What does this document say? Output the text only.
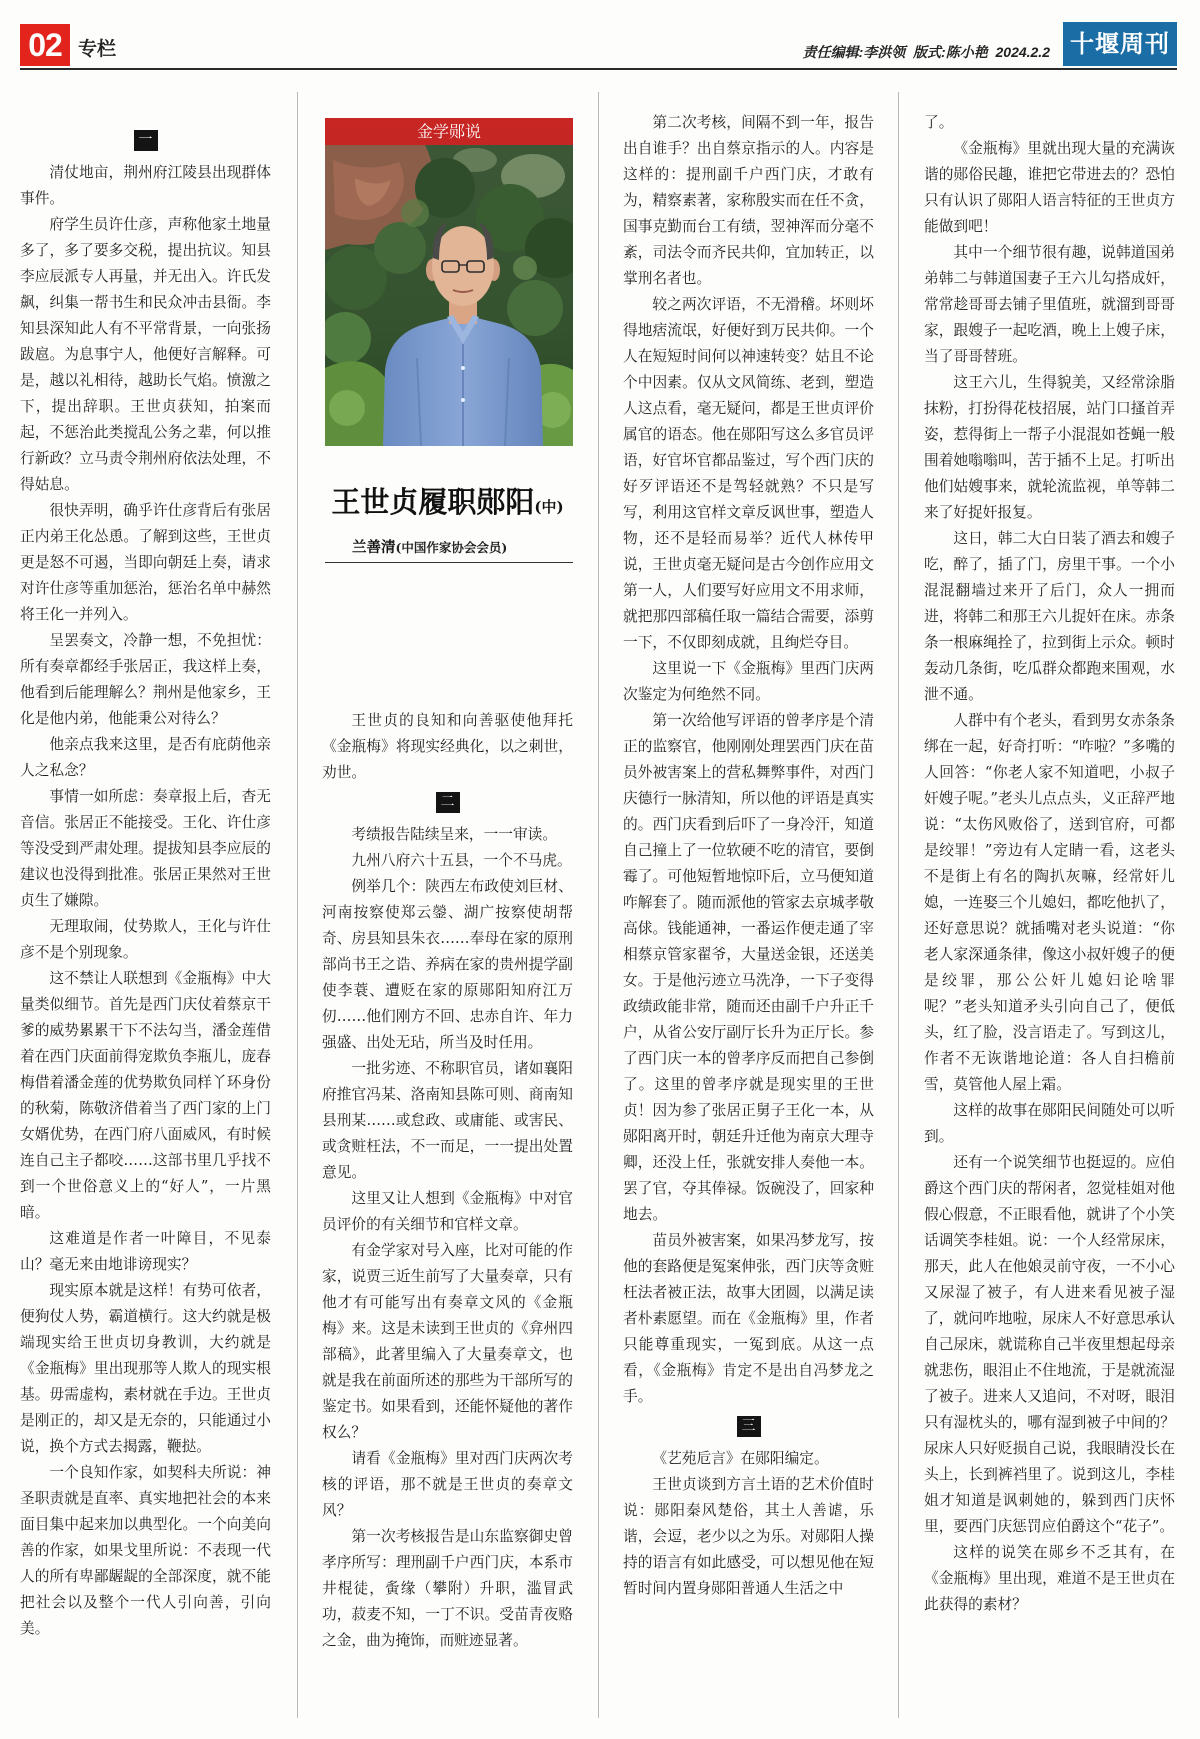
02 专栏	责任编辑:李洪领  版式:陈小艳  2024.2.2 十堰周刊
一

清仗地亩，荆州府江陵县出现群体事件。

府学生员许仕彦，声称他家土地量多了，多了要多交税，提出抗议。知县李应辰派专人再量，并无出入。许氏发飙，纠集一帮书生和民众冲击县衙。李知县深知此人有不平常背景，一向张扬跋扈。为息事宁人，他便好言解释。可是，越以礼相待，越助长气焰。愤激之下，提出辞职。王世贞获知，拍案而起，不惩治此类搅乱公务之辈，何以推行新政？立马责令荆州府依法处理，不得姑息。

很快弄明，确乎许仕彦背后有张居正内弟王化怂恿。了解到这些，王世贞更是怒不可遏，当即向朝廷上奏，请求对许仕彦等重加惩治，惩治名单中赫然将王化一并列入。

呈罢奏文，冷静一想，不免担忧：所有奏章都经手张居正，我这样上奏，他看到后能理解么？荆州是他家乡，王化是他内弟，他能秉公对待么？

他亲点我来这里，是否有庇荫他亲人之私念？

事情一如所虑：奏章报上后，杳无音信。张居正不能接受。王化、许仕彦等没受到严肃处理。提拔知县李应辰的建议也没得到批准。张居正果然对王世贞生了嫌隙。

无理取闹，仗势欺人，王化与许仕彦不是个别现象。

这不禁让人联想到《金瓶梅》中大量类似细节。首先是西门庆仗着蔡京干爹的威势累累干下不法勾当，潘金莲借着在西门庆面前得宠欺负李瓶儿，庞春梅借着潘金莲的优势欺负同样丫环身份的秋菊，陈敬济借着当了西门家的上门女婿优势，在西门府八面威风，有时候连自己主子都咬……这部书里几乎找不到一个世俗意义上的“好人”，一片黑暗。

这难道是作者一叶障目，不见泰山？毫无来由地诽谤现实？

现实原本就是这样！有势可依者，便狗仗人势，霸道横行。这大约就是极端现实给王世贞切身教训，大约就是《金瓶梅》里出现那等人欺人的现实根基。毋需虚构，素材就在手边。王世贞是刚正的，却又是无奈的，只能通过小说，换个方式去揭露，鞭挞。

一个良知作家，如契科夫所说：神圣职责就是直率、真实地把社会的本来面目集中起来加以典型化。一个向美向善的作家，如果戈里所说：不表现一代人的所有卑鄙龌龊的全部深度，就不能把社会以及整个一代人引向善，引向美。

金学郧说
王世贞履职郧阳(中)
兰善清(中国作家协会会员)

王世贞的良知和向善驱使他拜托《金瓶梅》将现实经典化，以之刺世，劝世。

二

考绩报告陆续呈来，一一审读。

九州八府六十五县，一个不马虎。

例举几个：陕西左布政使刘巨材、河南按察使郑云鎣、湖广按察使胡帮奇、房县知县朱衣……奉母在家的原刑部尚书王之诰、养病在家的贵州提学副使李蓑、遭贬在家的原郧阳知府江万仞……他们刚方不回、忠赤自许、年力强盛、出处无玷，所当及时任用。

一批劣迹、不称职官员，诸如襄阳府推官冯某、洛南知县陈可则、商南知县刑某……或怠政、或庸能、或害民、或贪赃枉法，不一而足，一一提出处置意见。

这里又让人想到《金瓶梅》中对官员评价的有关细节和官样文章。

有金学家对号入座，比对可能的作家，说贾三近生前写了大量奏章，只有他才有可能写出有奏章文风的《金瓶梅》来。这是未读到王世贞的《弇州四部稿》，此著里编入了大量奏章文，也就是我在前面所述的那些为干部所写的鉴定书。如果看到，还能怀疑他的著作权么？

请看《金瓶梅》里对西门庆两次考核的评语，那不就是王世贞的奏章文风？

第一次考核报告是山东监察御史曾孝序所写：理刑副千户西门庆，本系市井棍徒，夤缘（攀附）升职，滥冒武功，菽麦不知，一丁不识。受苗青夜赂之金，曲为掩饰，而赃迹显著。

第二次考核，间隔不到一年，报告出自谁手？出自蔡京指示的人。内容是这样的：提刑副千户西门庆，才敢有为，精察素著，家称殷实而在任不贪，国事克勤而台工有绩，翌神浑而分毫不紊，司法令而齐民共仰，宜加转正，以掌刑名者也。

较之两次评语，不无滑稽。坏则坏得地痞流氓，好便好到万民共仰。一个人在短短时间何以神速转变？姑且不论个中因素。仅从文风简练、老到，塑造人这点看，毫无疑问，都是王世贞评价属官的语态。他在郧阳写这么多官员评语，好官坏官都品鉴过，写个西门庆的好歹评语还不是驾轻就熟？不只是写写，利用这官样文章反讽世事，塑造人物，还不是轻而易举？近代人林传甲说，王世贞毫无疑问是古今创作应用文第一人，人们要写好应用文不用求师，就把那四部稿任取一篇结合需要，添剪一下，不仅即刻成就，且绚烂夺目。

这里说一下《金瓶梅》里西门庆两次鉴定为何绝然不同。

第一次给他写评语的曾孝序是个清正的监察官，他刚刚处理罢西门庆在苗员外被害案上的营私舞弊事件，对西门庆德行一脉清知，所以他的评语是真实的。西门庆看到后吓了一身冷汗，知道自己撞上了一位软硬不吃的清官，要倒霉了。可他短暂地惊吓后，立马便知道咋解套了。随而派他的管家去京城孝敬高俅。钱能通神，一番运作便走通了宰相蔡京管家翟爷，大量送金银，还送美女。于是他污迹立马洗净，一下子变得政绩政能非常，随而还由副千户升正千户，从省公安厅副厅长升为正厅长。参了西门庆一本的曾孝序反而把自己参倒了。这里的曾孝序就是现实里的王世贞！因为参了张居正舅子王化一本，从郧阳离开时，朝廷升迁他为南京大理寺卿，还没上任，张就安排人奏他一本。罢了官，夺其俸禄。饭碗没了，回家种地去。

苗员外被害案，如果冯梦龙写，按他的套路便是冤案伸张，西门庆等贪赃枉法者被正法，故事大团圆，以满足读者朴素愿望。而在《金瓶梅》里，作者只能尊重现实，一冤到底。从这一点看，《金瓶梅》肯定不是出自冯梦龙之手。

三

《艺苑卮言》在郧阳编定。

王世贞谈到方言土语的艺术价值时说：郧阳秦风楚俗，其土人善谑，乐谐，会逗，老少以之为乐。对郧阳人操持的语言有如此感受，可以想见他在短暂时间内置身郧阳普通人生活之中

了。

《金瓶梅》里就出现大量的充满诙谐的郧俗民趣，谁把它带进去的？恐怕只有认识了郧阳人语言特征的王世贞方能做到吧！

其中一个细节很有趣，说韩道国弟弟韩二与韩道国妻子王六儿勾搭成奸，常常趁哥哥去铺子里值班，就溜到哥哥家，跟嫂子一起吃酒，晚上上嫂子床，当了哥哥替班。

这王六儿，生得貌美，又经常涂脂抹粉，打扮得花枝招展，站门口搔首弄姿，惹得街上一帮子小混混如苍蝇一般围着她嗡嗡叫，苦于插不上足。打听出他们姑嫂事来，就轮流监视，单等韩二来了好捉奸报复。

这日，韩二大白日装了酒去和嫂子吃，醉了，插了门，房里干事。一个小混混翻墙过来开了后门，众人一拥而进，将韩二和那王六儿捉奸在床。赤条条一根麻绳拴了，拉到街上示众。顿时轰动几条街，吃瓜群众都跑来围观，水泄不通。

人群中有个老头，看到男女赤条条绑在一起，好奇打听：“咋啦？”多嘴的人回答：“你老人家不知道吧，小叔子奸嫂子呢。”老头儿点点头，义正辞严地说：“太伤风败俗了，送到官府，可都是绞罪！”旁边有人定睛一看，这老头不是街上有名的陶扒灰嘛，经常奸儿媳，一连娶三个儿媳妇，都吃他扒了，还好意思说？就插嘴对老头说道：“你老人家深通条律，像这小叔奸嫂子的便是绞罪，那公公奸儿媳妇论啥罪呢？”老头知道矛头引向自己了，便低头，红了脸，没言语走了。写到这儿，作者不无诙谐地论道：各人自扫檐前雪，莫管他人屋上霜。

这样的故事在郧阳民间随处可以听到。

还有一个说笑细节也挺逗的。应伯爵这个西门庆的帮闲者，忽觉桂姐对他假心假意，不正眼看他，就讲了个小笑话调笑李桂姐。说：一个人经常尿床，那天，此人在他娘灵前守夜，一不小心又尿湿了被子，有人进来看见被子湿了，就问咋地啦，尿床人不好意思承认自己尿床，就谎称自己半夜里想起母亲就悲伤，眼泪止不住地流，于是就流湿了被子。进来人又追问，不对呀，眼泪只有湿枕头的，哪有湿到被子中间的？尿床人只好贬损自己说，我眼睛没长在头上，长到裤裆里了。说到这儿，李桂姐才知道是讽刺她的，躲到西门庆怀里，要西门庆惩罚应伯爵这个“花子”。

这样的说笑在郧乡不乏其有，在《金瓶梅》里出现，难道不是王世贞在此获得的素材？
